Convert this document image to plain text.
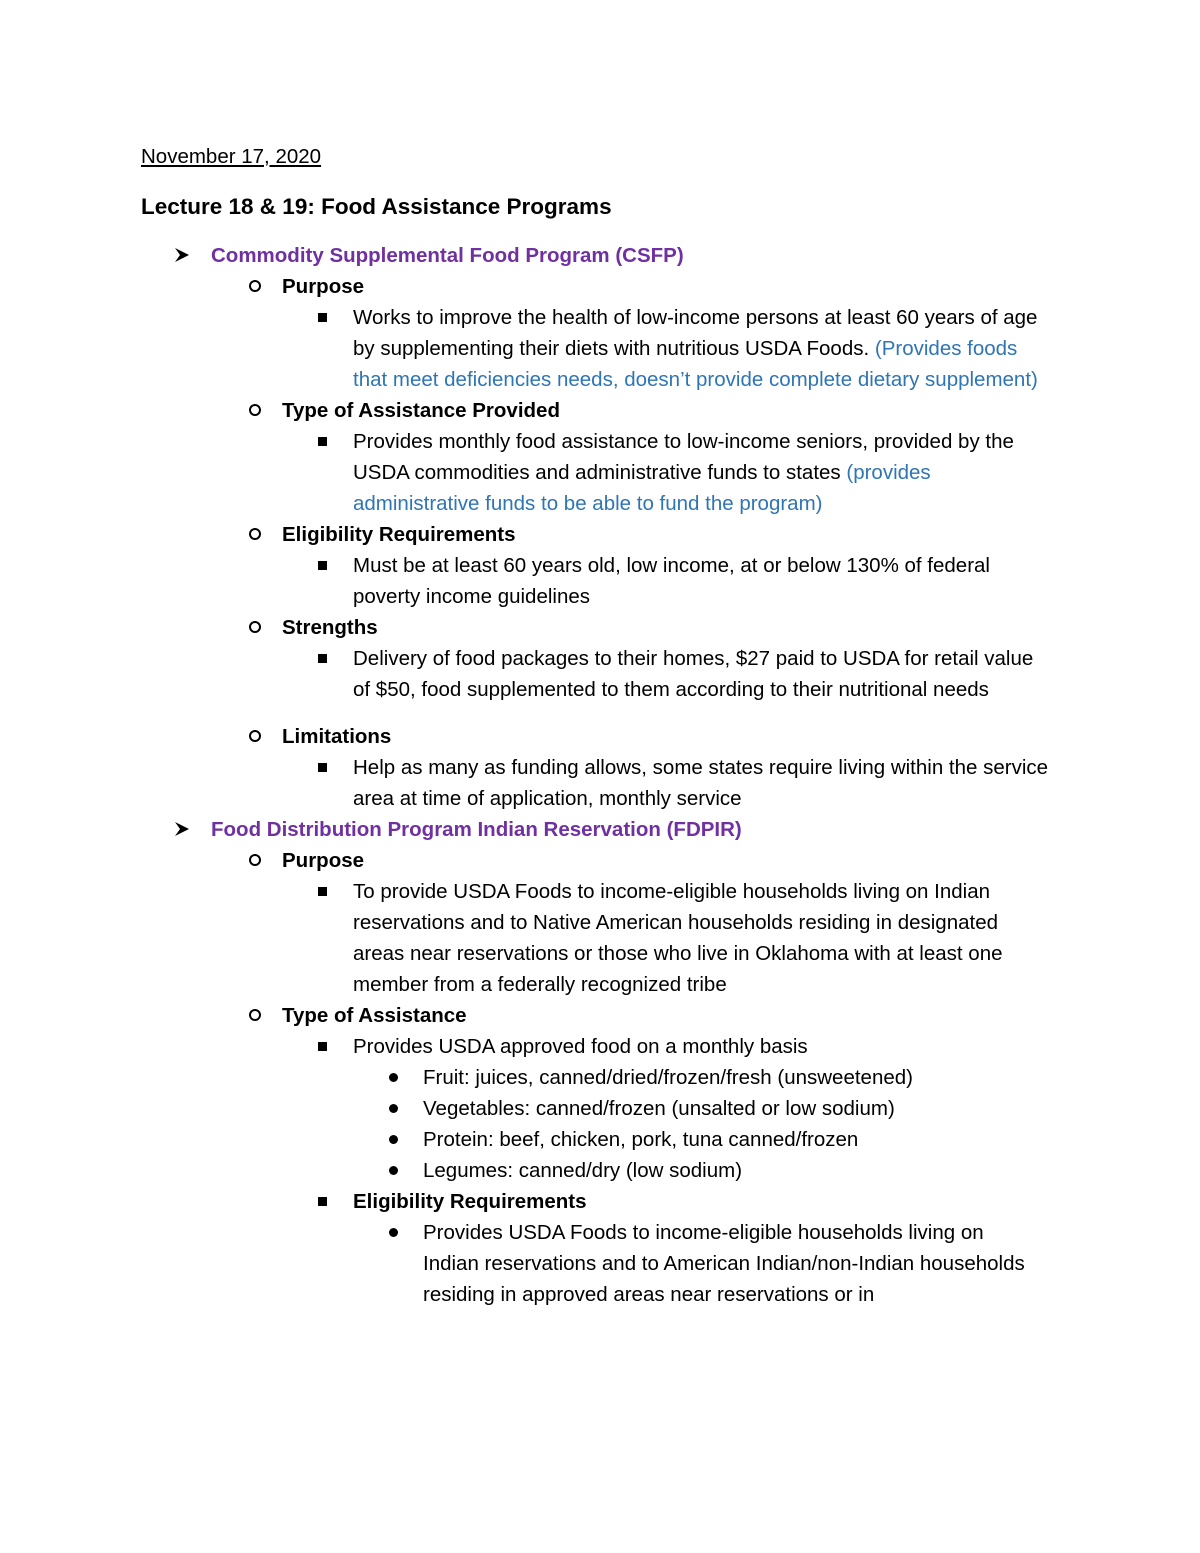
November 17, 2020
Lecture 18 & 19: Food Assistance Programs
Commodity Supplemental Food Program (CSFP)
Purpose
Works to improve the health of low-income persons at least 60 years of age by supplementing their diets with nutritious USDA Foods. (Provides foods that meet deficiencies needs, doesn’t provide complete dietary supplement)
Type of Assistance Provided
Provides monthly food assistance to low-income seniors, provided by the USDA commodities and administrative funds to states (provides administrative funds to be able to fund the program)
Eligibility Requirements
Must be at least 60 years old, low income, at or below 130% of federal poverty income guidelines
Strengths
Delivery of food packages to their homes, $27 paid to USDA for retail value of $50, food supplemented to them according to their nutritional needs
Limitations
Help as many as funding allows, some states require living within the service area at time of application, monthly service
Food Distribution Program Indian Reservation (FDPIR)
Purpose
To provide USDA Foods to income-eligible households living on Indian reservations and to Native American households residing in designated areas near reservations or those who live in Oklahoma with at least one member from a federally recognized tribe
Type of Assistance
Provides USDA approved food on a monthly basis
Fruit: juices, canned/dried/frozen/fresh (unsweetened)
Vegetables: canned/frozen (unsalted or low sodium)
Protein: beef, chicken, pork, tuna canned/frozen
Legumes: canned/dry (low sodium)
Eligibility Requirements
Provides USDA Foods to income-eligible households living on Indian reservations and to American Indian/non-Indian households residing in approved areas near reservations or in
